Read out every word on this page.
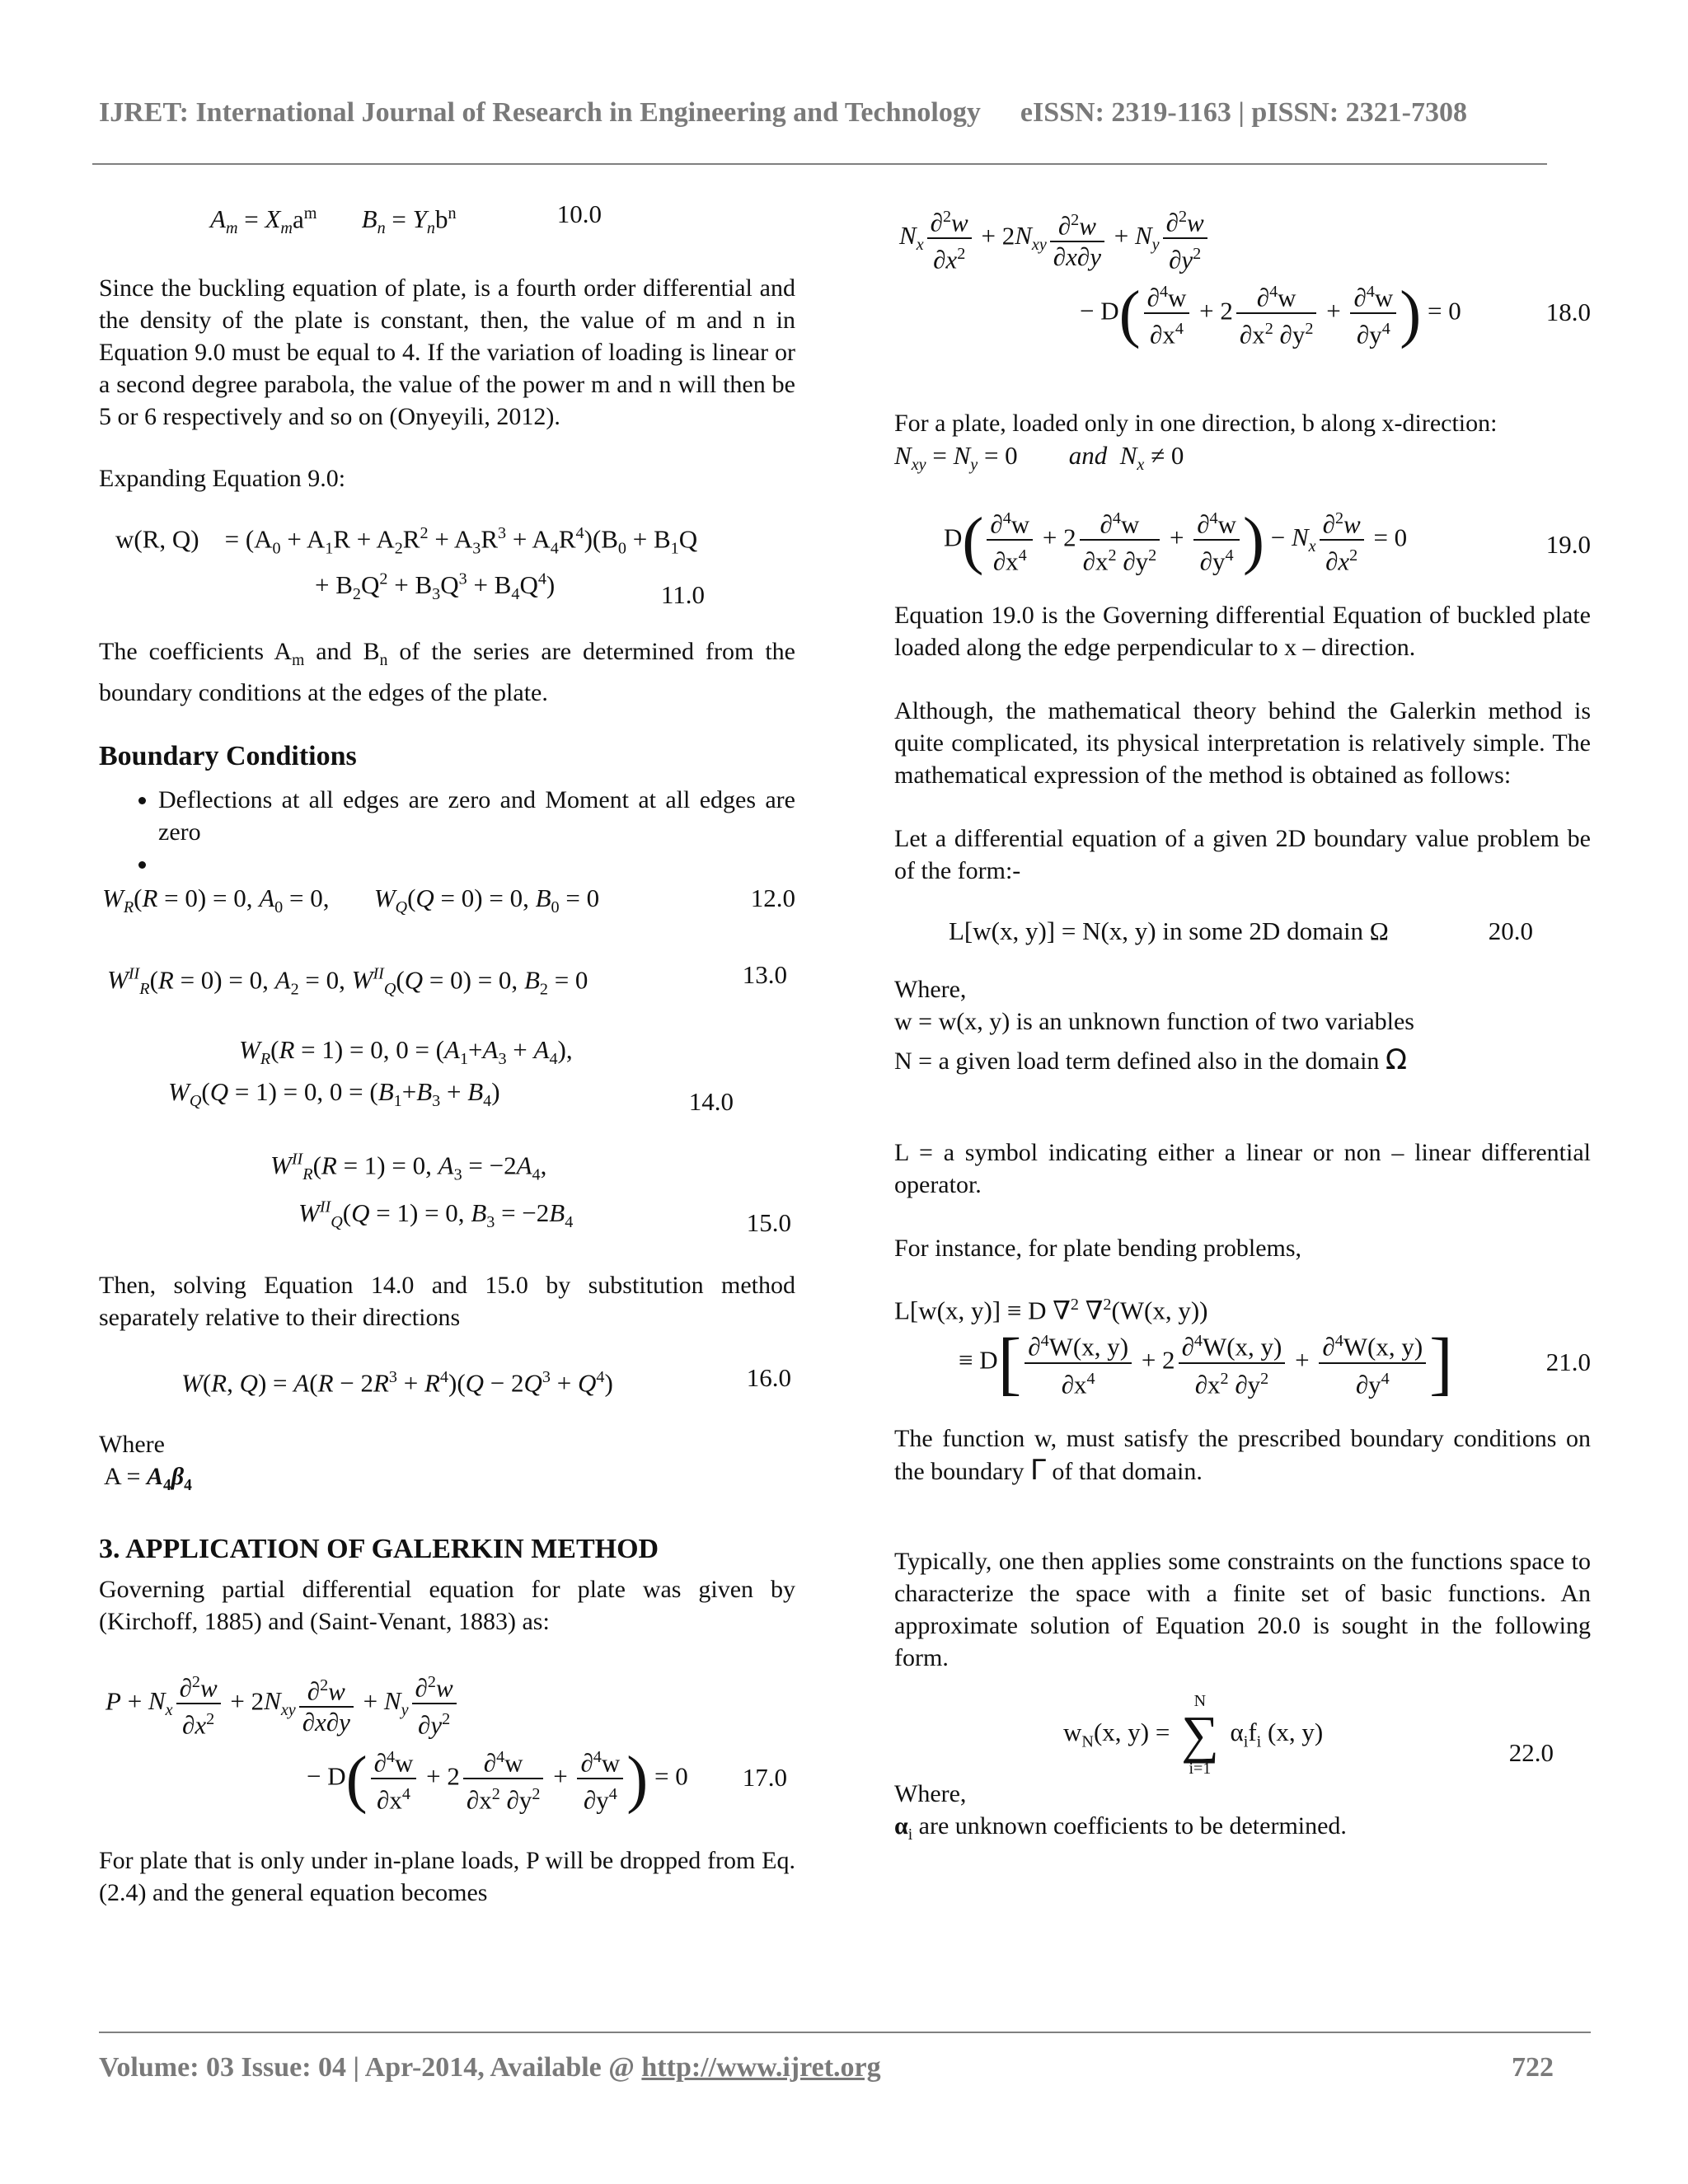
IJRET: International Journal of Research in Engineering and Technology eISSN: 2319-1163 | pISSN: 2321-7308
$A_m = X_ma^m$ $B_n = Y_nb^n$	10.0

Since the buckling equation of plate, is a fourth order differential and the density of the plate is constant, then, the value of m and n in Equation 9.0 must be equal to 4. If the variation of loading is linear or a second degree parabola, the value of the power m and n will then be 5 or 6 respectively and so on (Onyeyili, 2012).

Expanding Equation 9.0:

w(R, Q)    = $(A_0 + A_1R + A_2R^2 + A_3R^3 + A_4R^4)(B_0 + B_1Q$
+ $B_2Q^2 + B_3Q^3 + B_4Q^4$)	11.0

The coefficients $A_m$ and $B_n$ of the series are determined from the boundary conditions at the edges of the plate.

Boundary Conditions

• Deflections at all edges are zero and Moment at all edges are zero
•
$W_R(R = 0) = 0$, $A_0 = 0$,       $W_Q(Q = 0) = 0$, $B_0 = 0$	12.0
$W^{II}_R(R = 0) = 0$, $A_2 = 0$, $W^{II}_Q(Q = 0) = 0$, $B_2 = 0$	13.0
$W_R(R = 1) = 0$, $0 = (A_1+A_3 + A_4)$,
$W_Q(Q = 1) = 0$, $0 = (B_1+B_3 + B_4)$	14.0
$W^{II}_R(R = 1) = 0$, $A_3 = -2A_4$,
$W^{II}_Q(Q = 1) = 0$, $B_3 = -2B_4$	15.0

Then, solving Equation 14.0 and 15.0 by substitution method separately relative to their directions

W(R, $Q) = A(R - 2R^3 + R^4)(Q - 2Q^3 + Q^4)$	16.0

Where

$A = A_4\beta_4$

3. APPLICATION OF GALERKIN METHOD

Governing partial differential equation for plate was given by (Kirchoff, 1885) and (Saint-Venant, 1883) as:

$P + N_x \frac{\partial^2w}{\partial x^2} + 2N_{xy} \frac{\partial^2w}{\partial x\partial y} + N_y \frac{\partial^2w}{\partial y^2}$
− $D( \frac{\partial^4w}{\partial x^4} + 2 \frac{\partial^4w}{\partial x^2 \partial y^2} + \frac{\partial^4w}{\partial y^4}$ ) = 0	17.0

For plate that is only under in-plane loads, P will be dropped from Eq. (2.4) and the general equation becomes

$N_x \frac{\partial^2w}{\partial x^2} + 2N_{xy} \frac{\partial^2w}{\partial x\partial y} + N_y \frac{\partial^2w}{\partial y^2}$
− $D( \frac{\partial^4w}{\partial x^4} + 2 \frac{\partial^4w}{\partial x^2 \partial y^2} + \frac{\partial^4w}{\partial y^4}$ ) = 0	18.0

For a plate, loaded only in one direction, b along x-direction:

$N_{xy} = N_y = 0$        and $N_x \ne 0$
$D( \frac{\partial^4w}{\partial x^4} + 2 \frac{\partial^4w}{\partial x^2 \partial y^2} + \frac{\partial^4w}{\partial y^4}$ ) − $N_x \frac{\partial^2w}{\partial x^2} = 0$	19.0

Equation 19.0 is the Governing differential Equation of buckled plate loaded along the edge perpendicular to x – direction.

Although, the mathematical theory behind the Galerkin method is quite complicated, its physical interpretation is relatively simple. The mathematical expression of the method is obtained as follows:

Let a differential equation of a given 2D boundary value problem be of the form:-

L[w(x, y)] = N(x, y) in some 2D domain Ω	20.0

Where,

w = w(x, y) is an unknown function of two variables

N = a given load term defined also in the domain Ω

L = a symbol indicating either a linear or non – linear differential operator.

For instance, for plate bending problems,

L[w(x, y)] ≡ D ∇$^2$ ∇$^2$(W(x, y))
≡ $D[ \frac{\partial^4W(x, y)}{\partial x^4} + 2 \frac{\partial^4W(x, y)}{\partial x^2 \partial y^2} + \frac{\partial^4W(x, y)}{\partial y^4}$ ]	21.0

The function w, must satisfy the prescribed boundary conditions on the boundary Γ of that domain.

Typically, one then applies some constraints on the functions space to characterize the space with a finite set of basic functions. An approximate solution of Equation 20.0 is sought in the following form.

$w_N(x$, y) =
N
∑
i=1
$\alpha_if_i$ (x, y)
22.0

Where,

$\alpha_i$ are unknown coefficients to be determined.

Volume: 03 Issue: 04 | Apr-2014, Available @ http://www.ijret.org	722
